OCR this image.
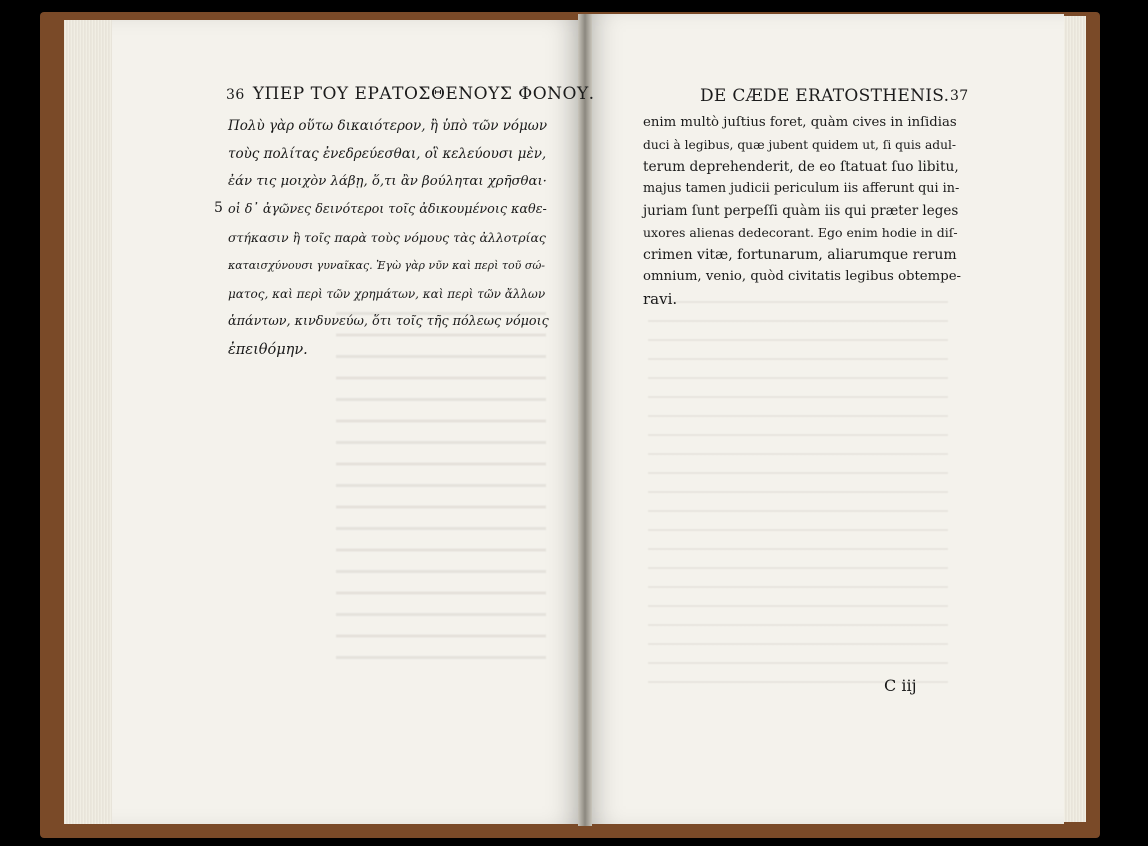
36 ΥΠΕΡ ΤΟΥ ΕΡΑΤΟΣΘΕΝΟΥΣ ΦΟΝΟΥ.
5
Πολὺ γὰρ οὕτω δικαιότερον, ἢ ὑπὸ τῶν νόμων
τοὺς πολίτας ἐνεδρεύεσθαι, οἳ κελεύουσι μὲν,
ἐάν τις μοιχὸν λάβῃ, ὅ,τι ἂν βούληται χρῆσθαι·
οἱ δ᾽ ἀγῶνες δεινότεροι τοῖς ἀδικουμένοις καθε-
στήκασιν ἢ τοῖς παρὰ τοὺς νόμους τὰς ἀλλοτρίας
καταισχύνουσι γυναῖκας. Ἐγὼ γὰρ νῦν καὶ περὶ τοῦ σώ-
ματος, καὶ περὶ τῶν χρημάτων, καὶ περὶ τῶν ἄλλων
ἁπάντων, κινδυνεύω, ὅτι τοῖς τῆς πόλεως νόμοις
ἐπειθόμην.
DE CÆDE ERATOSTHENIS. 37
enim multò juſtius foret, quàm cives in inſidias
duci à legibus, quæ jubent quidem ut, ſi quis adul-
terum deprehenderit, de eo ſtatuat ſuo libitu,
majus tamen judicii periculum iis afferunt qui in-
juriam ſunt perpeſſi quàm iis qui præter leges
uxores alienas dedecorant. Ego enim hodie in diſ-
crimen vitæ, fortunarum, aliarumque rerum
omnium, venio, quòd civitatis legibus obtempe-
ravi.
C iij
